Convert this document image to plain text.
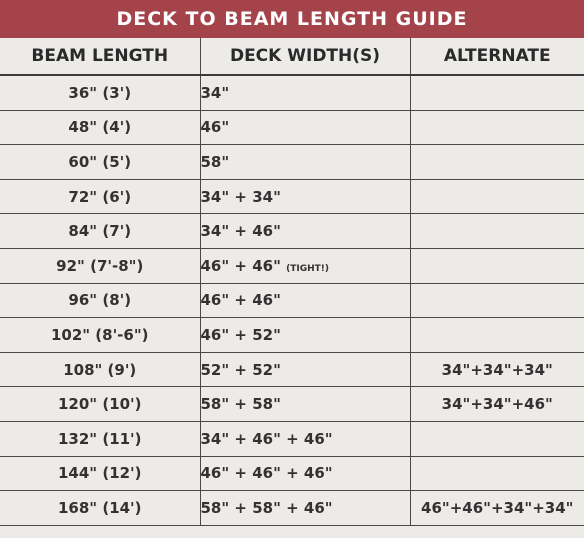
DECK TO BEAM LENGTH GUIDE
BEAM LENGTH	DECK WIDTH(S)	ALTERNATE
36" (3')	34"	
48" (4')	46"	
60" (5')	58"	
72" (6')	34" + 34"	
84" (7')	34" + 46"	
92" (7'-8")	46" + 46" (TIGHT!)	
96" (8')	46" + 46"	
102" (8'-6")	46" + 52"	
108" (9')	52" + 52"	34"+34"+34"
120" (10')	58" + 58"	34"+34"+46"
132" (11')	34" + 46" + 46"	
144" (12')	46" + 46" + 46"	
168" (14')	58" + 58" + 46"	46"+46"+34"+34"
